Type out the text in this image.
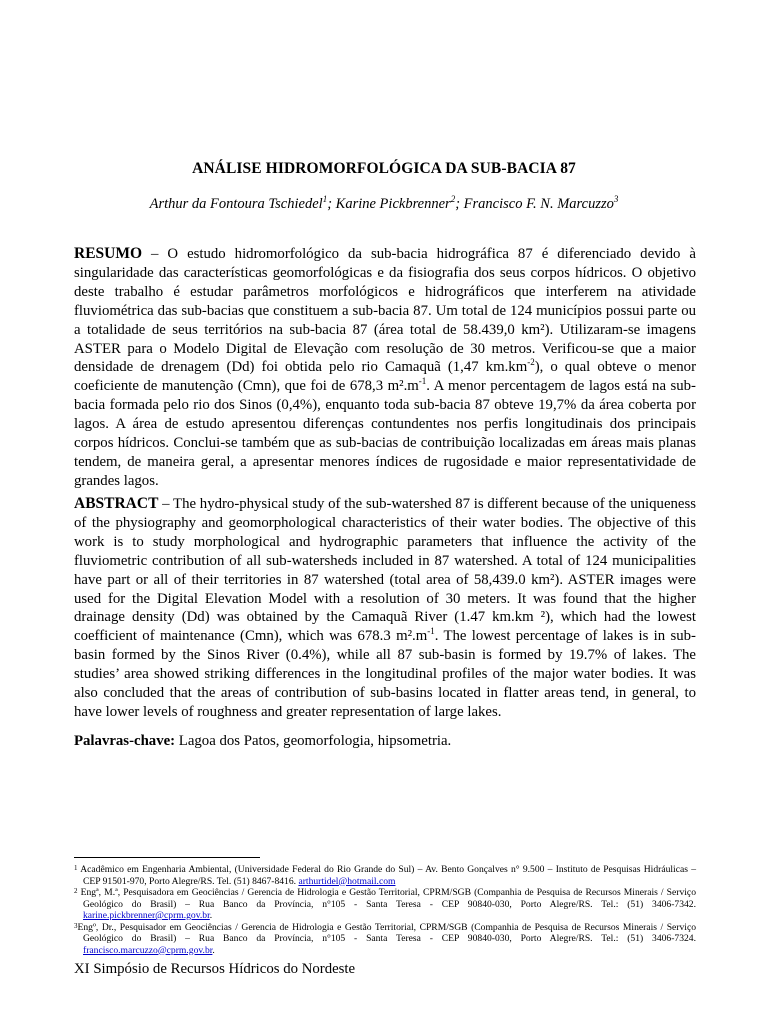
ANÁLISE HIDROMORFOLÓGICA DA SUB-BACIA 87
Arthur da Fontoura Tschiedel$^1$; Karine Pickbrenner$^2$; Francisco F. N. Marcuzzo$^3$
RESUMO – O estudo hidromorfológico da sub-bacia hidrográfica 87 é diferenciado devido à singularidade das características geomorfológicas e da fisiografia dos seus corpos hídricos. O objetivo deste trabalho é estudar parâmetros morfológicos e hidrográficos que interferem na atividade fluviométrica das sub-bacias que constituem a sub-bacia 87. Um total de 124 municípios possui parte ou a totalidade de seus territórios na sub-bacia 87 (área total de 58.439,0 km²). Utilizaram-se imagens ASTER para o Modelo Digital de Elevação com resolução de 30 metros. Verificou-se que a maior densidade de drenagem (Dd) foi obtida pelo rio Camaquã (1,47 $km.km^{-2}$), o qual obteve o menor coeficiente de manutenção (Cmn), que foi de 678,3 $m^2.m^{-1}$. A menor percentagem de lagos está na sub-bacia formada pelo rio dos Sinos (0,4%), enquanto toda sub-bacia 87 obteve 19,7% da área coberta por lagos. A área de estudo apresentou diferenças contundentes nos perfis longitudinais dos principais corpos hídricos. Conclui-se também que as sub-bacias de contribuição localizadas em áreas mais planas tendem, de maneira geral, a apresentar menores índices de rugosidade e maior representatividade de grandes lagos.
ABSTRACT – The hydro-physical study of the sub-watershed 87 is different because of the uniqueness of the physiography and geomorphological characteristics of their water bodies. The objective of this work is to study morphological and hydrographic parameters that influence the activity of the fluviometric contribution of all sub-watersheds included in 87 watershed. A total of 124 municipalities have part or all of their territories in 87 watershed (total area of 58,439.0 km²). ASTER images were used for the Digital Elevation Model with a resolution of 30 meters. It was found that the higher drainage density (Dd) was obtained by the Camaquã River (1.47 km.km ²), which had the lowest coefficient of maintenance (Cmn), which was 678.3 $m^2.m^{-1}$. The lowest percentage of lakes is in sub-basin formed by the Sinos River (0.4%), while all 87 sub-basin is formed by 19.7% of lakes. The studies’ area showed striking differences in the longitudinal profiles of the major water bodies. It was also concluded that the areas of contribution of sub-basins located in flatter areas tend, in general, to have lower levels of roughness and greater representation of large lakes.
Palavras-chave: Lagoa dos Patos, geomorfologia, hipsometria.
$^1$ Acadêmico em Engenharia Ambiental, (Universidade Federal do Rio Grande do Sul) – Av. Bento Gonçalves n° 9.500 – Instituto de Pesquisas Hidráulicas – CEP 91501-970, Porto Alegre/RS. Tel. (51) 8467-8416. arthurtidel@hotmail.com
$^2$ Engª, M.ª, Pesquisadora em Geociências / Gerencia de Hidrologia e Gestão Territorial, CPRM/SGB (Companhia de Pesquisa de Recursos Minerais / Serviço Geológico do Brasil) – Rua Banco da Província, n°105 - Santa Teresa - CEP 90840-030, Porto Alegre/RS. Tel.: (51) 3406-7342. karine.pickbrenner@cprm.gov.br.
$^3$Engº, Dr., Pesquisador em Geociências / Gerencia de Hidrologia e Gestão Territorial, CPRM/SGB (Companhia de Pesquisa de Recursos Minerais / Serviço Geológico do Brasil) – Rua Banco da Província, n°105 - Santa Teresa - CEP 90840-030, Porto Alegre/RS. Tel.: (51) 3406-7324. francisco.marcuzzo@cprm.gov.br.
XI Simpósio de Recursos Hídricos do Nordeste
